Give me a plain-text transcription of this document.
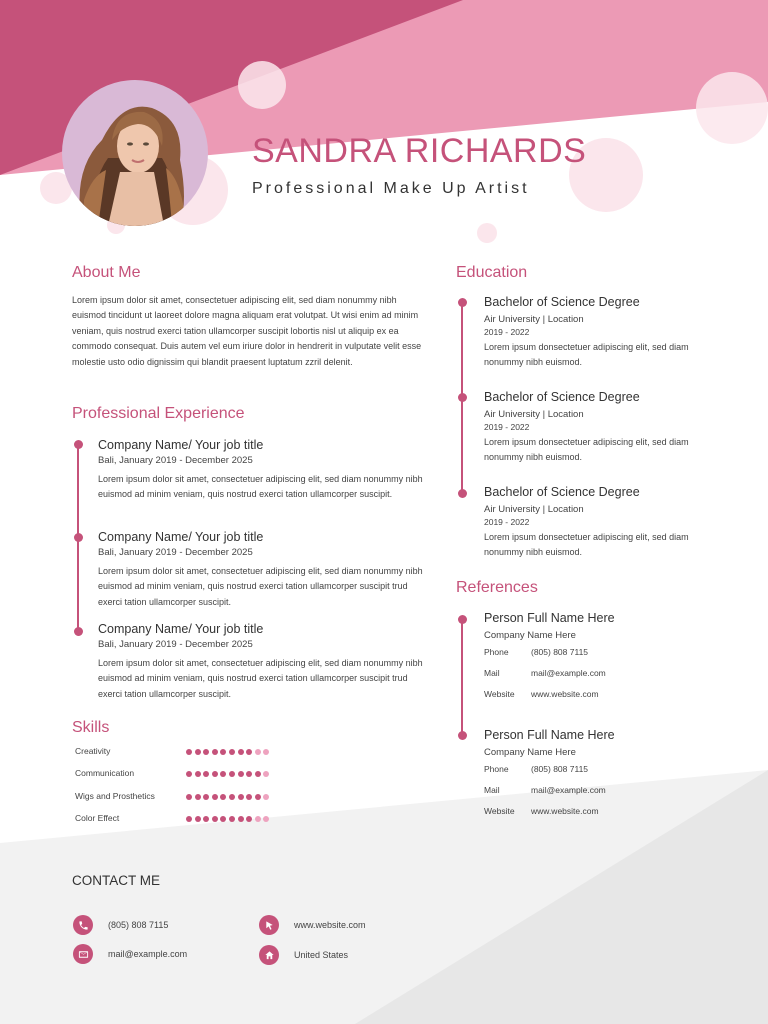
SANDRA RICHARDS
Professional Make Up Artist
About Me
Lorem ipsum dolor sit amet, consectetuer adipiscing elit, sed diam nonummy nibh euismod tincidunt ut laoreet dolore magna aliquam erat volutpat. Ut wisi enim ad minim veniam, quis nostrud exerci tation ullamcorper suscipit lobortis nisl ut aliquip ex ea commodo consequat. Duis autem vel eum iriure dolor in hendrerit in vulputate velit esse molestie usto odio dignissim qui blandit praesent luptatum zzril delenit.
Professional Experience
Company Name/ Your job title
Bali, January 2019 - December 2025
Lorem ipsum dolor sit amet, consectetuer adipiscing elit, sed diam nonummy nibh euismod ad minim veniam, quis nostrud exerci tation ullamcorper suscipit.
Company Name/ Your job title
Bali, January 2019 - December 2025
Lorem ipsum dolor sit amet, consectetuer adipiscing elit, sed diam nonummy nibh euismod ad minim veniam, quis nostrud exerci tation ullamcorper suscipit trud exerci tation ullamcorper suscipit.
Company Name/ Your job title
Bali, January 2019 - December 2025
Lorem ipsum dolor sit amet, consectetuer adipiscing elit, sed diam nonummy nibh euismod ad minim veniam, quis nostrud exerci tation ullamcorper suscipit trud exerci tation ullamcorper suscipit.
Skills
Creativity
Communication
Wigs and Prosthetics
Color Effect
Education
Bachelor of Science Degree
Air University | Location
2019 - 2022
Lorem ipsum donsectetuer adipiscing elit, sed diam nonummy nibh euismod.
Bachelor of Science Degree
Air University | Location
2019 - 2022
Lorem ipsum donsectetuer adipiscing elit, sed diam nonummy nibh euismod.
Bachelor of Science Degree
Air University | Location
2019 - 2022
Lorem ipsum donsectetuer adipiscing elit, sed diam nonummy nibh euismod.
References
Person Full Name Here
Company Name Here
Phone	(805) 808 7115
Mail	mail@example.com
Website	www.website.com
Person Full Name Here
Company Name Here
Phone	(805) 808 7115
Mail	mail@example.com
Website	www.website.com
CONTACT ME
(805) 808 7115
mail@example.com
www.website.com
United States
